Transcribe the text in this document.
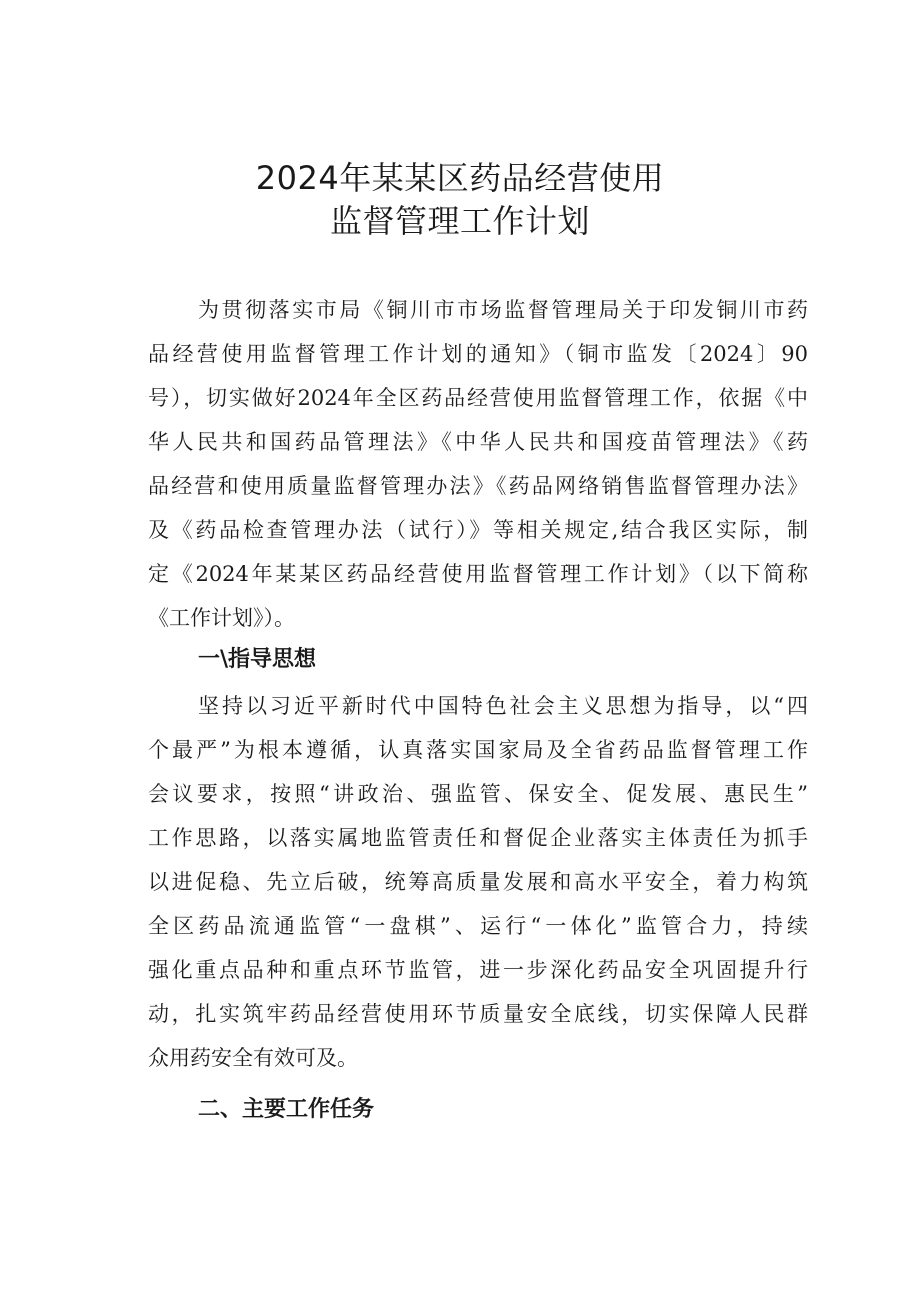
2024年某某区药品经营使用
监督管理工作计划
为贯彻落实市局《铜川市市场监督管理局关于印发铜川市药
品经营使用监督管理工作计划的通知》（铜市监发〔2024〕90
号），切实做好2024年全区药品经营使用监督管理工作，依据《中
华人民共和国药品管理法》《中华人民共和国疫苗管理法》《药
品经营和使用质量监督管理办法》《药品网络销售监督管理办法》
及《药品检查管理办法（试行）》等相关规定,结合我区实际，制
定《2024年某某区药品经营使用监督管理工作计划》（以下简称
《工作计划》）。
一\指导思想
坚持以习近平新时代中国特色社会主义思想为指导，以“四
个最严”为根本遵循，认真落实国家局及全省药品监督管理工作
会议要求，按照“讲政治、强监管、保安全、促发展、惠民生”
工作思路，以落实属地监管责任和督促企业落实主体责任为抓手
以进促稳、先立后破，统筹高质量发展和高水平安全，着力构筑
全区药品流通监管“一盘棋”、运行“一体化”监管合力，持续
强化重点品种和重点环节监管，进一步深化药品安全巩固提升行
动，扎实筑牢药品经营使用环节质量安全底线，切实保障人民群
众用药安全有效可及。
二、主要工作任务
